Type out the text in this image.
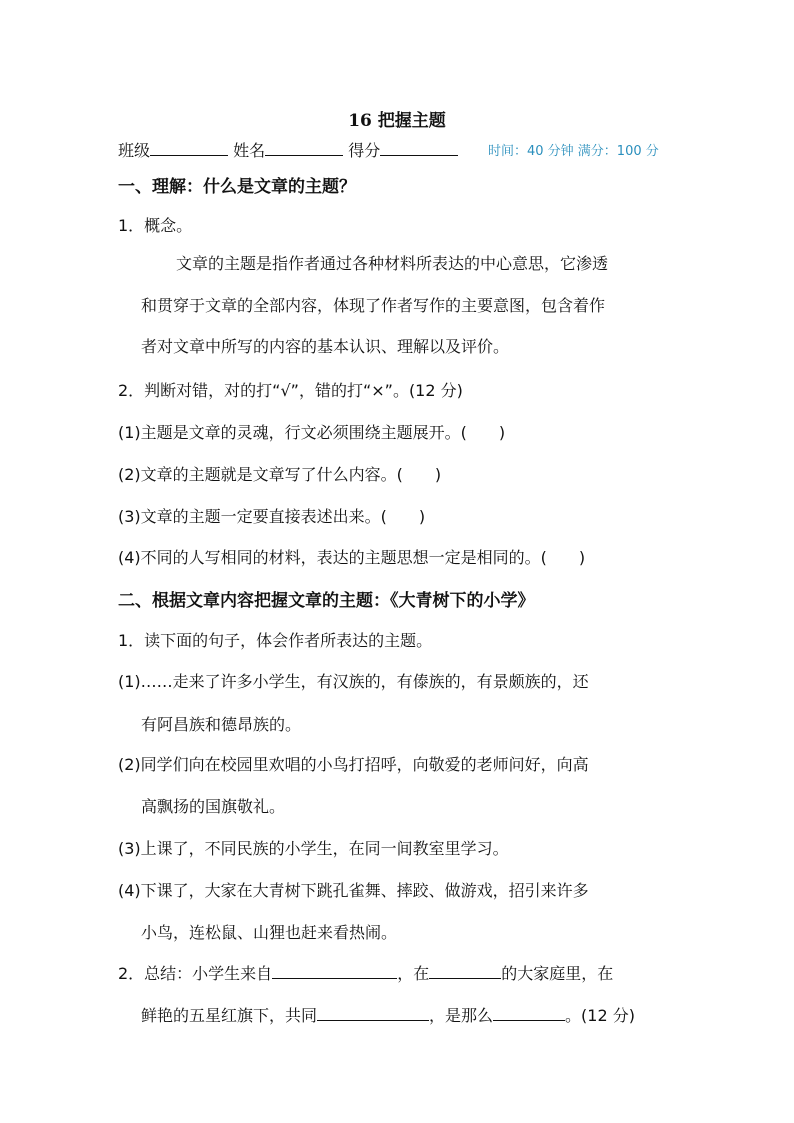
16 把握主题
班级	姓名	得分	时间：40 分钟 满分：100 分
一、理解：什么是文章的主题？
1．概念。
文章的主题是指作者通过各种材料所表达的中心意思，它渗透
和贯穿于文章的全部内容，体现了作者写作的主要意图，包含着作
者对文章中所写的内容的基本认识、理解以及评价。
2．判断对错，对的打“√”，错的打“×”。(12 分)
(1)主题是文章的灵魂，行文必须围绕主题展开。(　　)
(2)文章的主题就是文章写了什么内容。(　　)
(3)文章的主题一定要直接表述出来。(　　)
(4)不同的人写相同的材料，表达的主题思想一定是相同的。(　　)
二、根据文章内容把握文章的主题：《大青树下的小学》
1．读下面的句子，体会作者所表达的主题。
(1)……走来了许多小学生，有汉族的，有傣族的，有景颇族的，还
有阿昌族和德昂族的。
(2)同学们向在校园里欢唱的小鸟打招呼，向敬爱的老师问好，向高
高飘扬的国旗敬礼。
(3)上课了，不同民族的小学生，在同一间教室里学习。
(4)下课了，大家在大青树下跳孔雀舞、摔跤、做游戏，招引来许多
小鸟，连松鼠、山狸也赶来看热闹。
2．总结：小学生来自	，在	的大家庭里，在
鲜艳的五星红旗下，共同	，是那么	。(12 分)
